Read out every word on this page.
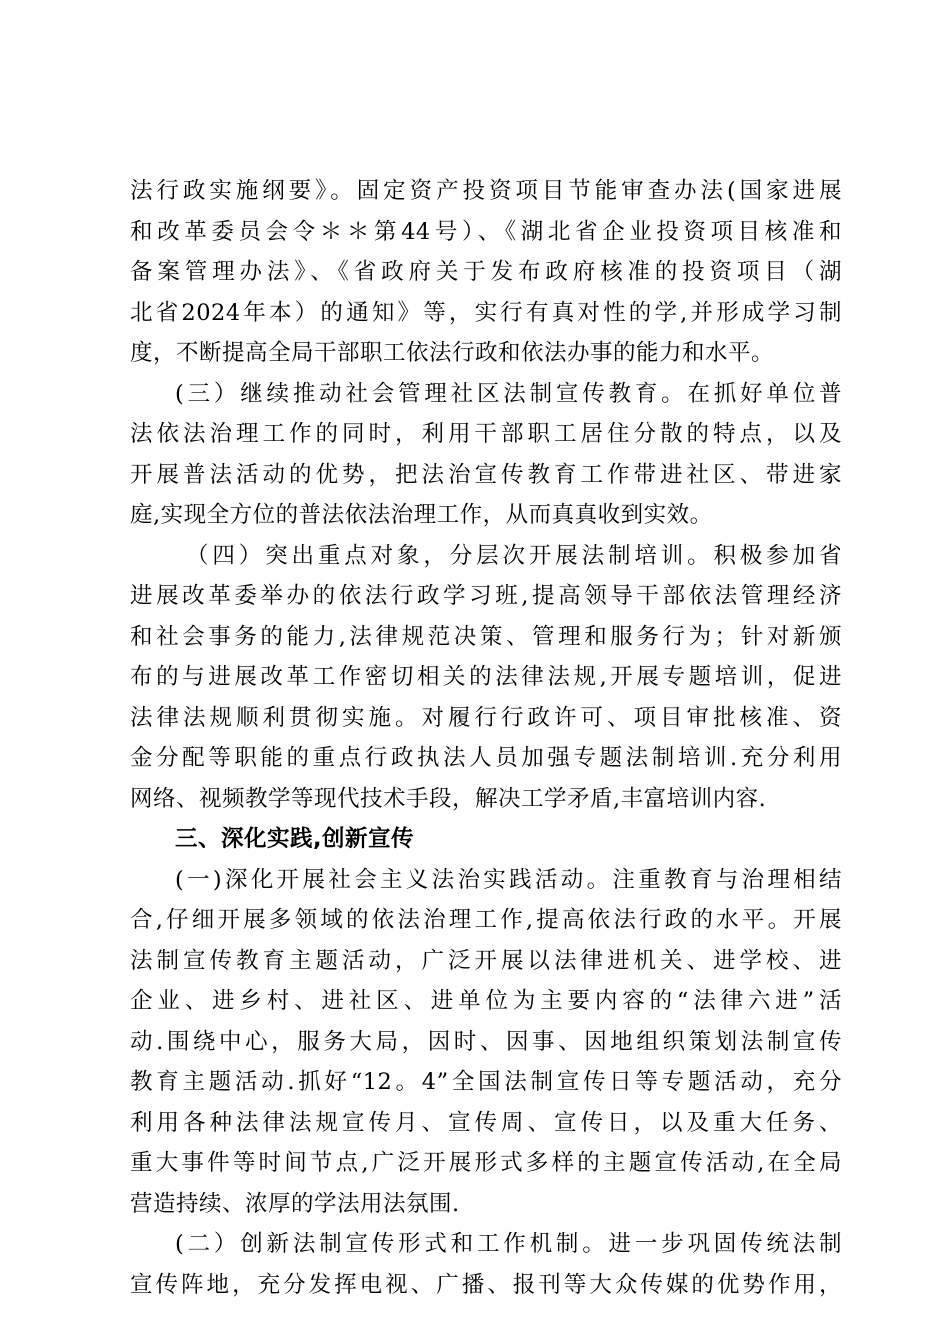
法行政实施纲要》。固定资产投资项目节能审查办法(国家进展
和改革委员会令＊＊第44号）、《湖北省企业投资项目核准和
备案管理办法》、《省政府关于发布政府核准的投资项目（湖
北省2024年本）的通知》等，实行有真对性的学,并形成学习制
度，不断提高全局干部职工依法行政和依法办事的能力和水平。
(三）继续推动社会管理社区法制宣传教育。在抓好单位普
法依法治理工作的同时，利用干部职工居住分散的特点，以及
开展普法活动的优势，把法治宣传教育工作带进社区、带进家
庭,实现全方位的普法依法治理工作，从而真真收到实效。
（四）突出重点对象，分层次开展法制培训。积极参加省
进展改革委举办的依法行政学习班,提高领导干部依法管理经济
和社会事务的能力,法律规范决策、管理和服务行为；针对新颁
布的与进展改革工作密切相关的法律法规,开展专题培训，促进
法律法规顺利贯彻实施。对履行行政许可、项目审批核准、资
金分配等职能的重点行政执法人员加强专题法制培训.充分利用
网络、视频教学等现代技术手段，解决工学矛盾,丰富培训内容.
三、深化实践,创新宣传
(一)深化开展社会主义法治实践活动。注重教育与治理相结
合,仔细开展多领域的依法治理工作,提高依法行政的水平。开展
法制宣传教育主题活动，广泛开展以法律进机关、进学校、进
企业、进乡村、进社区、进单位为主要内容的“法律六进”活
动.围绕中心，服务大局，因时、因事、因地组织策划法制宣传
教育主题活动.抓好“12。4”全国法制宣传日等专题活动，充分
利用各种法律法规宣传月、宣传周、宣传日，以及重大任务、
重大事件等时间节点,广泛开展形式多样的主题宣传活动,在全局
营造持续、浓厚的学法用法氛围.
(二）创新法制宣传形式和工作机制。进一步巩固传统法制
宣传阵地，充分发挥电视、广播、报刊等大众传媒的优势作用，
